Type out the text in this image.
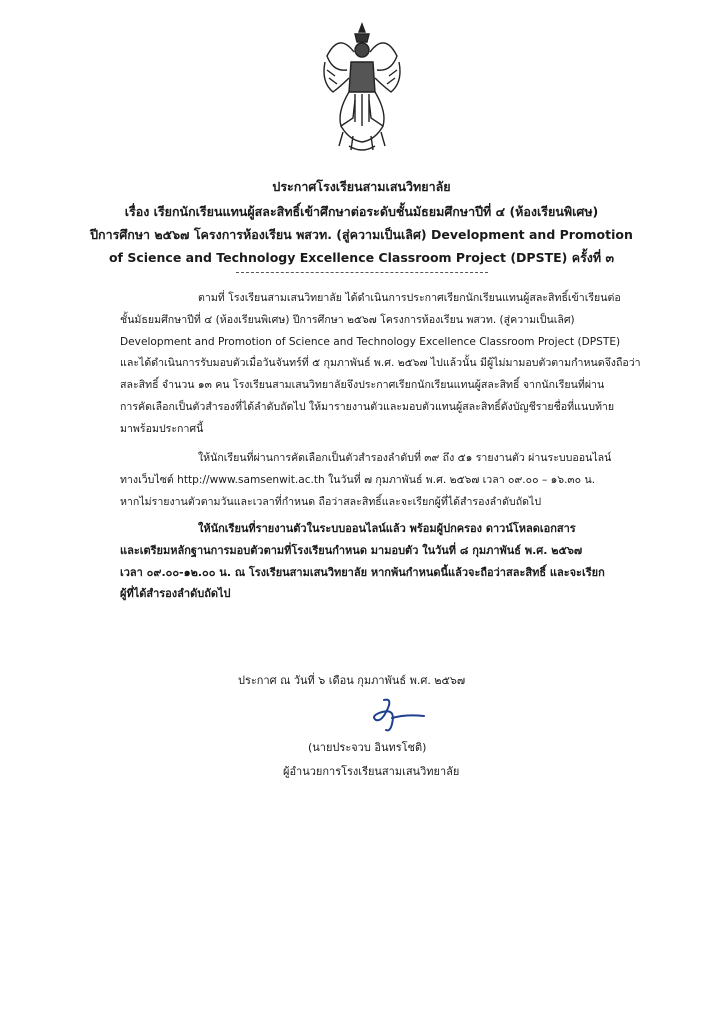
ประกาศโรงเรียนสามเสนวิทยาลัย
เรื่อง เรียกนักเรียนแทนผู้สละสิทธิ์เข้าศึกษาต่อระดับชั้นมัธยมศึกษาปีที่ ๔ (ห้องเรียนพิเศษ)
ปีการศึกษา ๒๕๖๗ โครงการห้องเรียน พสวท. (สู่ความเป็นเลิศ) Development and Promotion
of Science and Technology Excellence Classroom Project (DPSTE) ครั้งที่ ๓
ตามที่ โรงเรียนสามเสนวิทยาลัย ได้ดำเนินการประกาศเรียกนักเรียนแทนผู้สละสิทธิ์เข้าเรียนต่อ
ชั้นมัธยมศึกษาปีที่ ๔ (ห้องเรียนพิเศษ) ปีการศึกษา ๒๕๖๗ โครงการห้องเรียน พสวท. (สู่ความเป็นเลิศ)
Development and Promotion of Science and Technology Excellence Classroom Project (DPSTE)
และได้ดำเนินการรับมอบตัวเมื่อวันจันทร์ที่ ๕ กุมภาพันธ์ พ.ศ. ๒๕๖๗ ไปแล้วนั้น มีผู้ไม่มามอบตัวตามกำหนดจึงถือว่า
สละสิทธิ์ จำนวน ๑๓ คน โรงเรียนสามเสนวิทยาลัยจึงประกาศเรียกนักเรียนแทนผู้สละสิทธิ์ จากนักเรียนที่ผ่าน
การคัดเลือกเป็นตัวสำรองที่ได้ลำดับถัดไป ให้มารายงานตัวและมอบตัวแทนผู้สละสิทธิ์ดังบัญชีรายชื่อที่แนบท้าย
มาพร้อมประกาศนี้
ให้นักเรียนที่ผ่านการคัดเลือกเป็นตัวสำรองลำดับที่ ๓๙ ถึง ๕๑ รายงานตัว ผ่านระบบออนไลน์
ทางเว็บไซต์ http://www.samsenwit.ac.th ในวันที่ ๗ กุมภาพันธ์ พ.ศ. ๒๕๖๗ เวลา ๐๙.๐๐ – ๑๖.๓๐ น.
หากไม่รายงานตัวตามวันและเวลาที่กำหนด ถือว่าสละสิทธิ์และจะเรียกผู้ที่ได้สำรองลำดับถัดไป
ให้นักเรียนที่รายงานตัวในระบบออนไลน์แล้ว พร้อมผู้ปกครอง ดาวน์โหลดเอกสาร
และเตรียมหลักฐานการมอบตัวตามที่โรงเรียนกำหนด มามอบตัว ในวันที่ ๘ กุมภาพันธ์ พ.ศ. ๒๕๖๗
เวลา ๐๙.๐๐-๑๒.๐๐ น. ณ โรงเรียนสามเสนวิทยาลัย หากพ้นกำหนดนี้แล้วจะถือว่าสละสิทธิ์ และจะเรียก
ผู้ที่ได้สำรองลำดับถัดไป
ประกาศ ณ วันที่ ๖ เดือน กุมภาพันธ์ พ.ศ. ๒๕๖๗
(นายประจวบ อินทรโชติ)
ผู้อำนวยการโรงเรียนสามเสนวิทยาลัย
